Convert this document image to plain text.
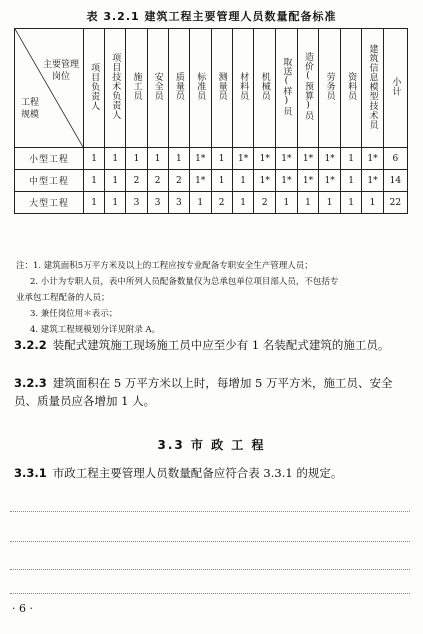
表 3.2.1 建筑工程主要管理人员数量配备标准
主要管理
岗位
工程
规模	项目负责人	项目技术负责人	施工员	安全员	质量员	标准员	测量员	材料员	机械员	取送(样)员	造价(预算)员	劳务员	资料员	建筑信息模型技术员	小计
小型工程	1	1	1	1	1	1*	1	1*	1*	1*	1*	1*	1	1*	6
中型工程	1	1	2	2	2	1*	1	1	1*	1*	1*	1*	1	1*	14
大型工程	1	1	3	3	3	1	2	1	2	1	1	1	1	1	22
注：1. 建筑面积5万平方米及以上的工程应按专业配备专职安全生产管理人员；
2. 小计为专职人员，表中所列人员配备数量仅为总承包单位项目部人员，不包括专
业承包工程配备的人员；
3. 兼任岗位用＊表示；
4. 建筑工程规模划分详见附录 A。
3.2.2 装配式建筑施工现场施工员中应至少有 1 名装配式建筑的施工员。
3.2.3 建筑面积在 5 万平方米以上时，每增加 5 万平方米，施工员、安全员、质量员应各增加 1 人。
3.3 市 政 工 程
3.3.1 市政工程主要管理人员数量配备应符合表 3.3.1 的规定。
· 6 ·
